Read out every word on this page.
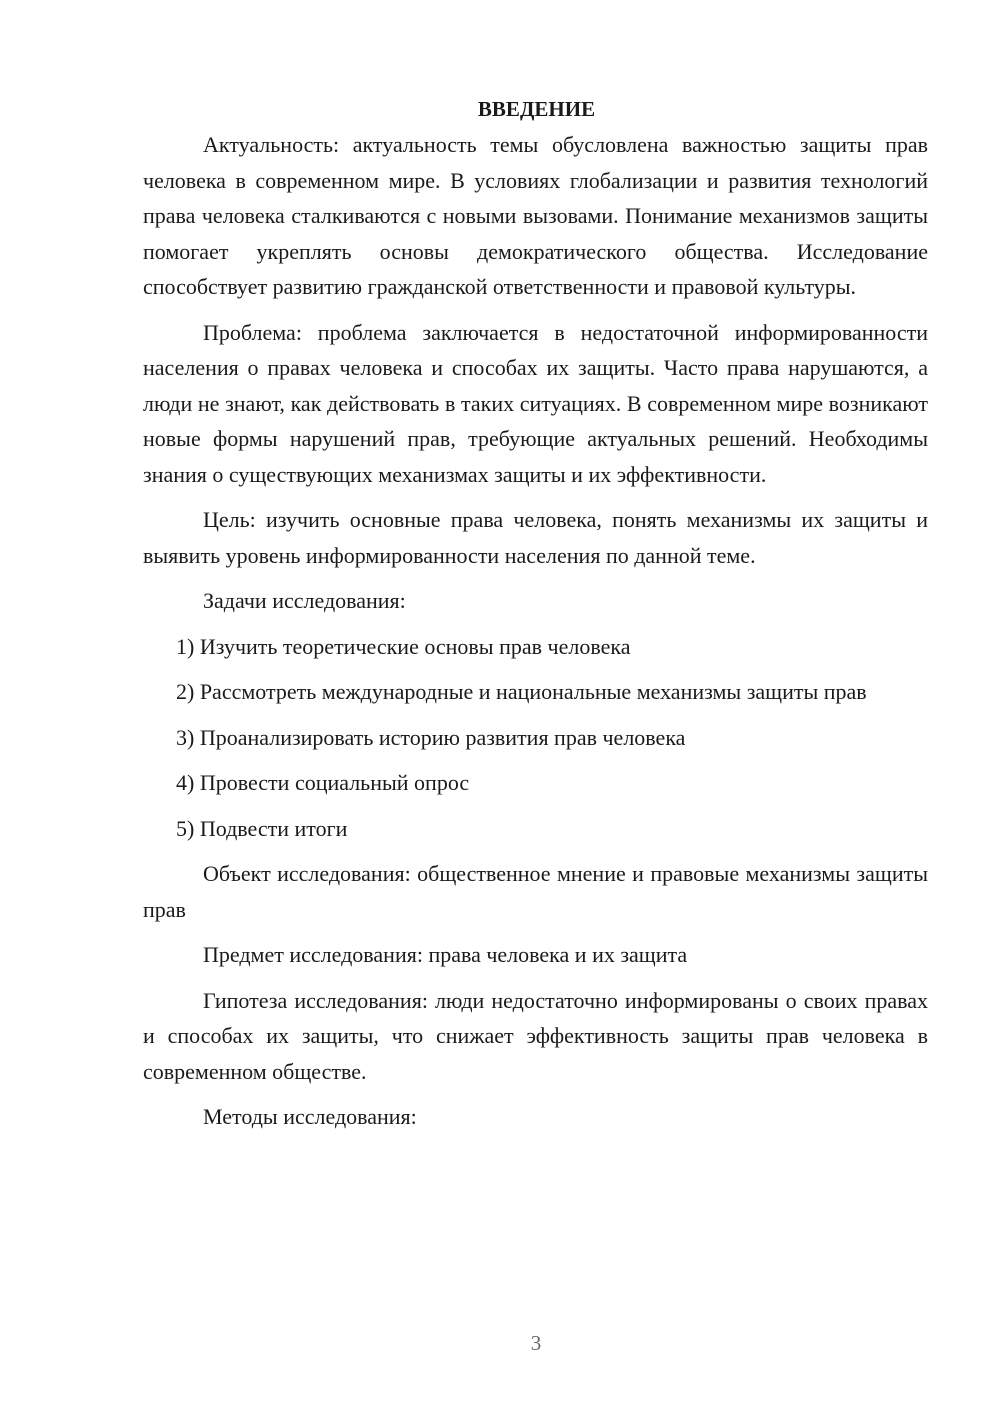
ВВЕДЕНИЕ

Актуальность: актуальность темы обусловлена важностью защиты прав человека в современном мире. В условиях глобализации и развития технологий права человека сталкиваются с новыми вызовами. Понимание механизмов защиты помогает укреплять основы демократического общества. Исследование способствует развитию гражданской ответственности и правовой культуры.

Проблема: проблема заключается в недостаточной информированности населения о правах человека и способах их защиты. Часто права нарушаются, а люди не знают, как действовать в таких ситуациях. В современном мире возникают новые формы нарушений прав, требующие актуальных решений. Необходимы знания о существующих механизмах защиты и их эффективности.

Цель: изучить основные права человека, понять механизмы их защиты и выявить уровень информированности населения по данной теме.

Задачи исследования:

1) Изучить теоретические основы прав человека

2) Рассмотреть международные и национальные механизмы защиты прав

3) Проанализировать историю развития прав человека

4) Провести социальный опрос

5) Подвести итоги

Объект исследования: общественное мнение и правовые механизмы защиты прав

Предмет исследования: права человека и их защита

Гипотеза исследования: люди недостаточно информированы о своих правах и способах их защиты, что снижает эффективность защиты прав человека в современном обществе.

Методы исследования:

3
